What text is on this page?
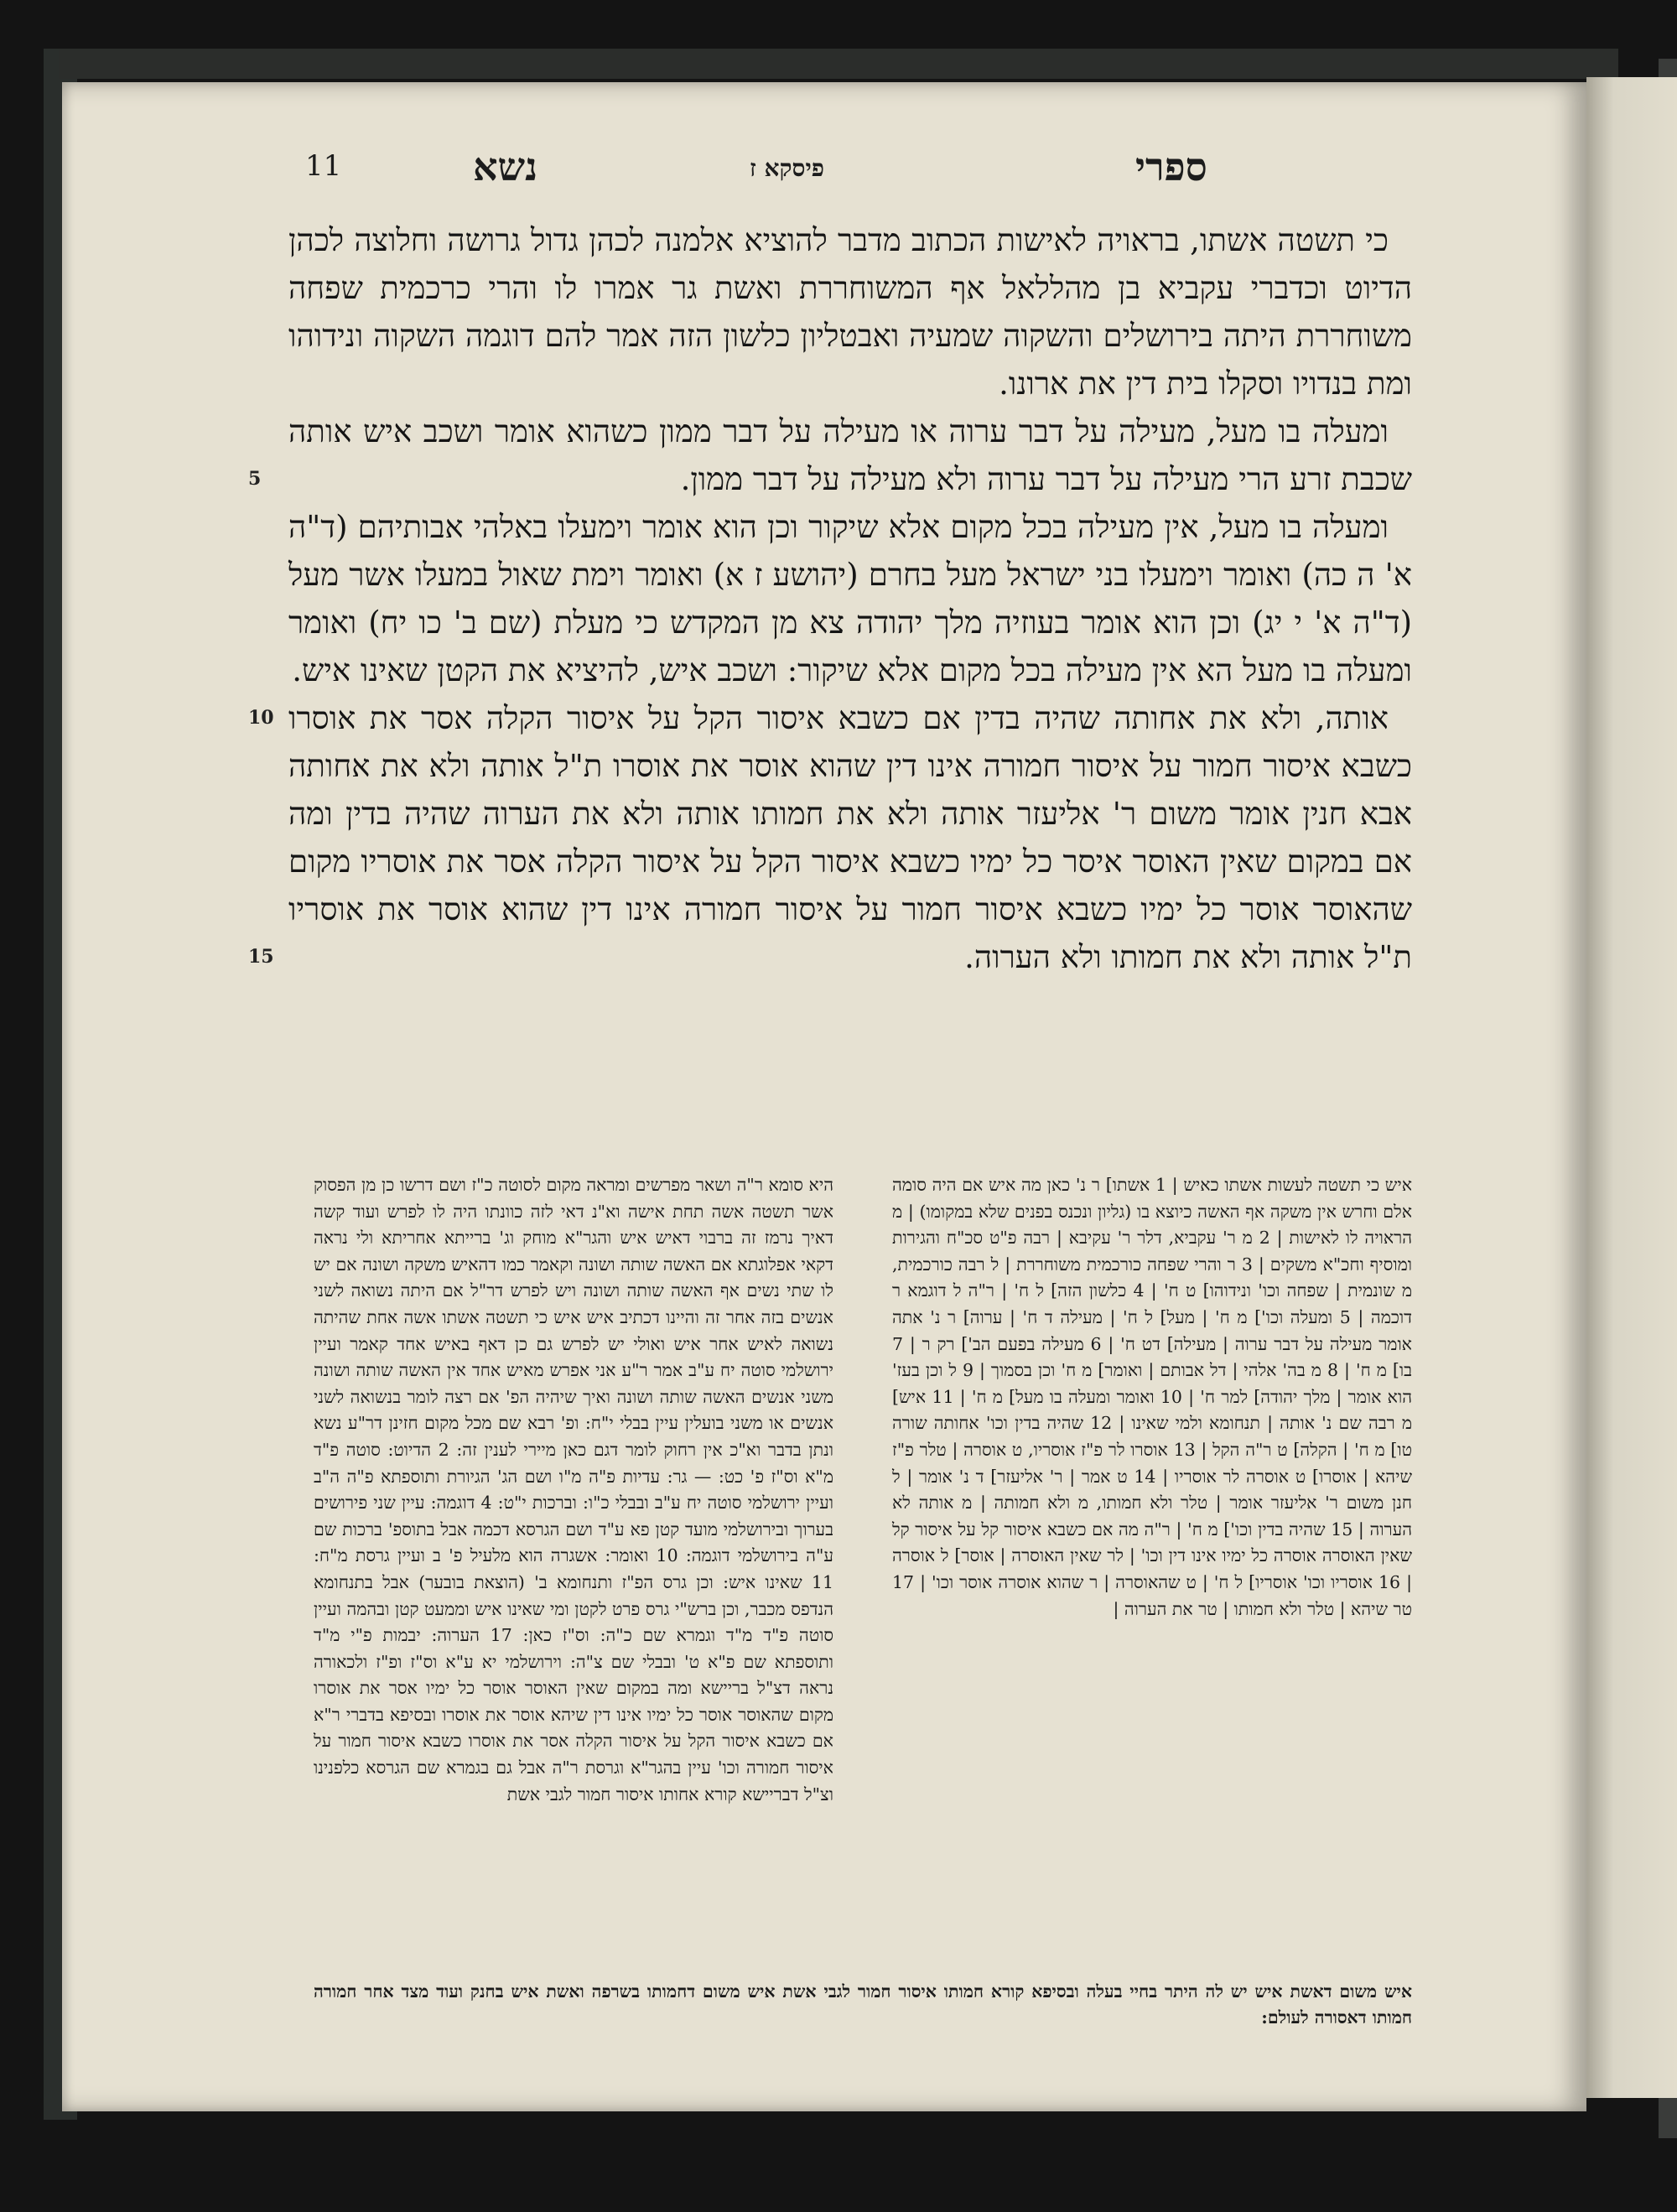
11	נשא	פיסקא ז	ספרי
5
10
15

כי תשטה אשתו, בראויה לאישות הכתוב מדבר להוציא אלמנה לכהן גדול גרושה וחלוצה לכהן הדיוט וכדברי עקביא בן מהללאל אף המשוחררת ואשת גר אמרו לו והרי כרכמית שפחה משוחררת היתה בירושלים והשקוה שמעיה ואבטליון כלשון הזה אמר להם דוגמה השקוה ונידוהו ומת בנדויו וסקלו בית דין את ארונו.

ומעלה בו מעל, מעילה על דבר ערוה או מעילה על דבר ממון כשהוא אומר ושכב איש אותה שכבת זרע הרי מעילה על דבר ערוה ולא מעילה על דבר ממון.

ומעלה בו מעל, אין מעילה בכל מקום אלא שיקור וכן הוא אומר וימעלו באלהי אבותיהם (ד"ה א' ה כה) ואומר וימעלו בני ישראל מעל בחרם (יהושע ז א) ואומר וימת שאול במעלו אשר מעל (ד"ה א' י יג) וכן הוא אומר בעוזיה מלך יהודה צא מן המקדש כי מעלת (שם ב' כו יח) ואומר ומעלה בו מעל הא אין מעילה בכל מקום אלא שיקור: ושכב איש, להיציא את הקטן שאינו איש.

אותה, ולא את אחותה שהיה בדין אם כשבא איסור הקל על איסור הקלה אסר את אוסרו כשבא איסור חמור על איסור חמורה אינו דין שהוא אוסר את אוסרו ת"ל אותה ולא את אחותה אבא חנין אומר משום ר' אליעזר אותה ולא את חמותו אותה ולא את הערוה שהיה בדין ומה אם במקום שאין האוסר איסר כל ימיו כשבא איסור הקל על איסור הקלה אסר את אוסריו מקום שהאוסר אוסר כל ימיו כשבא איסור חמור על איסור חמורה אינו דין שהוא אוסר את אוסריו ת"ל אותה ולא את חמותו ולא הערוה.

איש כי תשטה לעשות אשתו כאיש | 1 אשתו] ר נ' כאן מה איש אם היה סומה אלם וחרש אין משקה אף האשה כיוצא בו (גליון ונכנס בפנים שלא במקומו) | מ הראויה לו לאישות | 2 מ ר' עקביא, דלר ר' עקיבא | רבה פ"ט סכ"ח והגירות ומוסיף וחכ"א משקים | 3 ר והרי שפחה כורכמית משוחררת | ל רבה כורכמית, מ שונמית | שפחה וכו' ונידוהו] ט ח' | 4 כלשון הזה] ל ח' | ר"ה ל דוגמא ר דוכמה | 5 ומעלה וכו'] מ ח' | מעל] ל ח' | מעילה ד ח' | ערוה] ר נ' אתה אומר מעילה על דבר ערוה | מעילה] דט ח' | 6 מעילה בפעם הב'] רק ר | 7 בו] מ ח' | 8 מ בה' אלהי | דל אבותם | ואומר] מ ח' וכן בסמוך | 9 ל וכן בעז' הוא אומר | מלך יהודה] למר ח' | 10 ואומר ומעלה בו מעל] מ ח' | 11 איש] מ רבה שם נ' אותה | תנחומא ולמי שאינו | 12 שהיה בדין וכו' אחותה שורה טו] מ ח' | הקלה] ט ר"ה הקל | 13 אוסרו לר פ"ז אוסריו, ט אוסרה | טלר פ"ז שיהא | אוסרו] ט אוסרה לר אוסריו | 14 ט אמר | ר' אליעזר] ד נ' אומר | ל חנן משום ר' אליעזר אומר | טלר ולא חמותו, מ ולא חמותה | מ אותה לא הערוה | 15 שהיה בדין וכו'] מ ח' | ר"ה מה אם כשבא איסור קל על איסור קל שאין האוסרה אוסרה כל ימיו אינו דין וכו' | לר שאין האוסרה | אוסר] ל אוסרה | 16 אוסריו וכו' אוסריו] ל ח' | ט שהאוסרה | ר שהוא אוסרה אוסר וכו' | 17 טר שיהא | טלר ולא חמותו | טר את הערוה |
היא סומא ר"ה ושאר מפרשים ומראה מקום לסוטה כ"ז ושם דרשו כן מן הפסוק אשר תשטה אשה תחת אישה וא"נ דאי לזה כוונתו היה לו לפרש ועוד קשה דאיך נרמז זה ברבוי דאיש איש והגר"א מוחק וג' ברייתא אחריתא ולי נראה דקאי אפלוגתא אם האשה שותה ושונה וקאמר כמו דהאיש משקה ושונה אם יש לו שתי נשים אף האשה שותה ושונה ויש לפרש דר"ל אם היתה נשואה לשני אנשים בזה אחר זה והיינו דכתיב איש איש כי תשטה אשתו אשה אחת שהיתה נשואה לאיש אחר איש ואולי יש לפרש גם כן דאף באיש אחד קאמר ועיין ירושלמי סוטה יח ע"ב אמר ר"ע אני אפרש מאיש אחד אין האשה שותה ושונה משני אנשים האשה שותה ושונה ואיך שיהיה הפ' אם רצה לומר בנשואה לשני אנשים או משני בועלין עיין בבלי י"ח: ופ' רבא שם מכל מקום חזינן דר"ע נשא ונתן בדבר וא"כ אין רחוק לומר דגם כאן מיירי לענין זה: 2 הדיוט: סוטה פ"ד מ"א וס"ז פ' כט: — גר: עדיות פ"ה מ"ו ושם הג' הגיורת ותוספתא פ"ה ה"ב ועיין ירושלמי סוטה יח ע"ב ובבלי כ"ו: וברכות י"ט: 4 דוגמה: עיין שני פירושים בערוך ובירושלמי מועד קטן פא ע"ד ושם הגרסא דכמה אבל בתוספ' ברכות שם ע"ה בירושלמי דוגמה: 10 ואומר: אשגרה הוא מלעיל פ' ב ועיין גרסת מ"ח: 11 שאינו איש: וכן גרס הפ"ז ותנחומא ב' (הוצאת בובער) אבל בתנחומא הנדפס מכבר, וכן ברש"י גרס פרט לקטן ומי שאינו איש וממעט קטן ובהמה ועיין סוטה פ"ד מ"ד וגמרא שם כ"ה: וס"ז כאן: 17 הערוה: יבמות פ"י מ"ד ותוספתא שם פ"א ט' ובבלי שם צ"ה: וירושלמי יא ע"א וס"ז ופ"ז ולכאורה נראה דצ"ל בריישא ומה במקום שאין האוסר אוסר כל ימיו אסר את אוסרו מקום שהאוסר אוסר כל ימיו אינו דין שיהא אוסר את אוסרו ובסיפא בדברי ר"א אם כשבא איסור הקל על איסור הקלה אסר את אוסרו כשבא איסור חמור על איסור חמורה וכו' עיין בהגר"א וגרסת ר"ה אבל גם בגמרא שם הגרסא כלפנינו וצ"ל דבריישא קורא אחותו איסור חמור לגבי אשת
איש משום דאשת איש יש לה היתר בחיי בעלה ובסיפא קורא חמותו איסור חמור לגבי אשת איש משום דחמותו בשרפה ואשת איש בחנק ועוד מצד אחר חמורה חמותו דאסורה לעולם:
